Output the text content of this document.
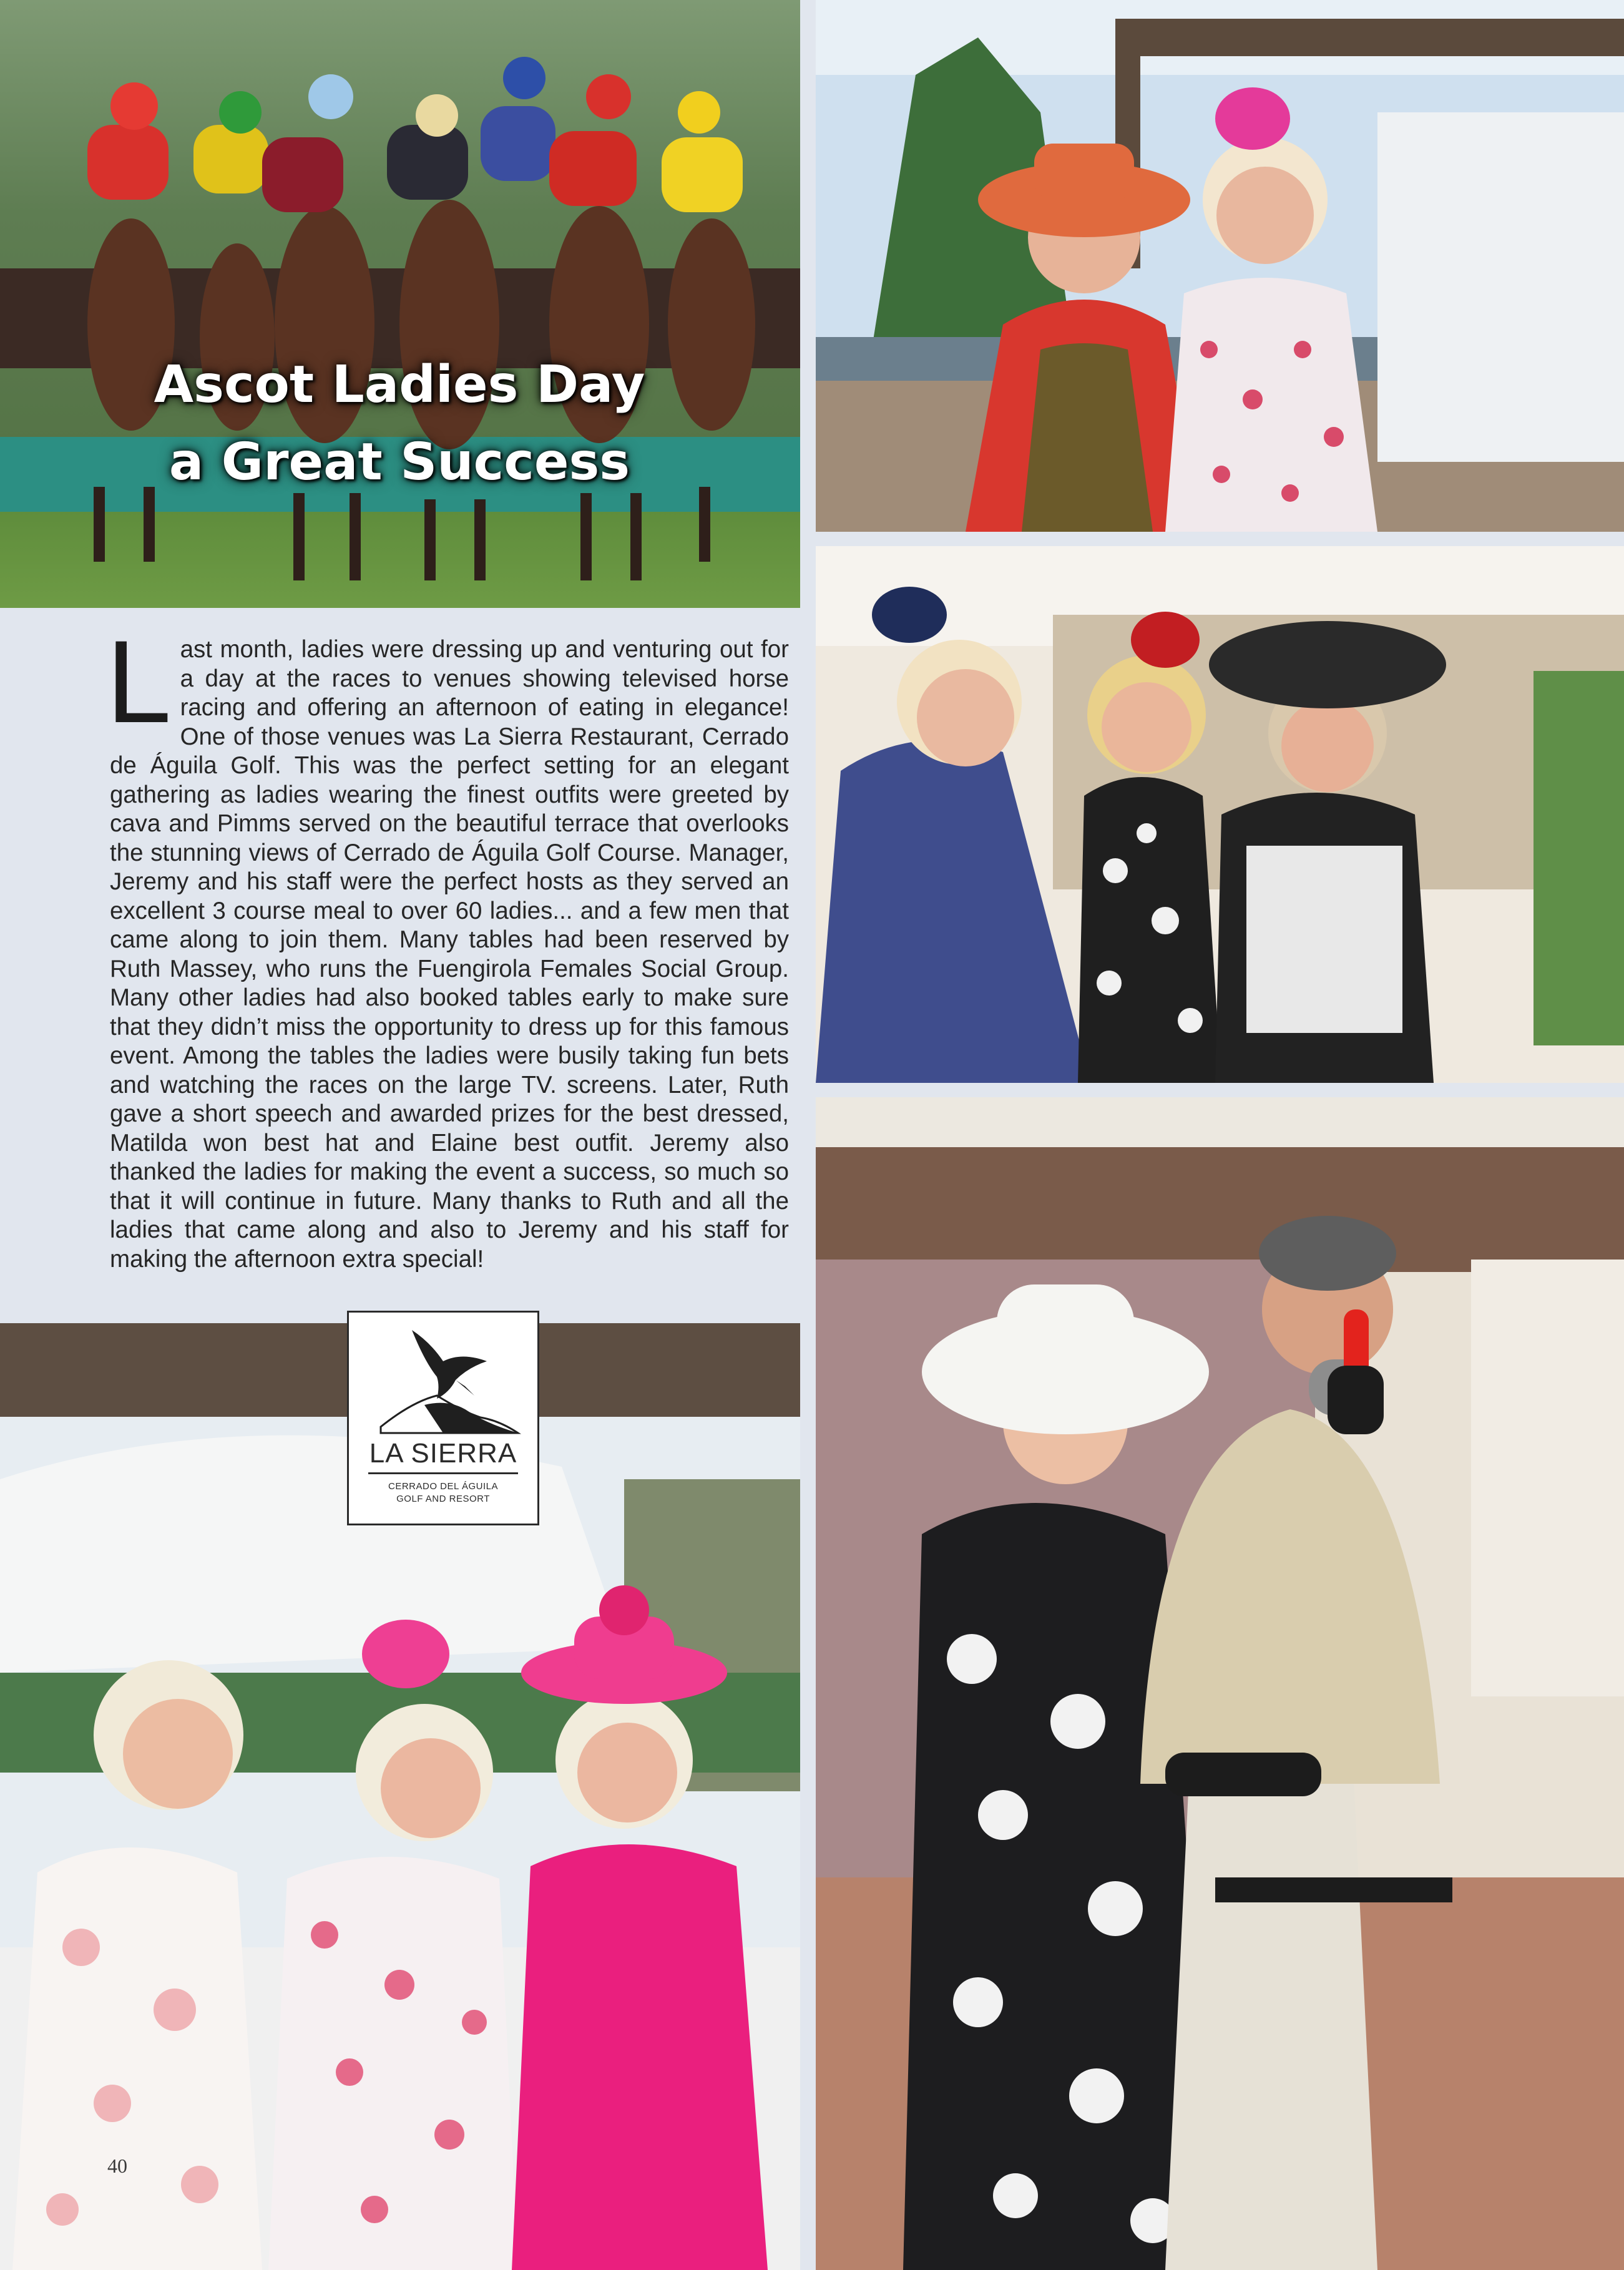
Ascot Ladies Day
a Great Success
Last month, ladies were dressing up and venturing out for a day at the races to venues showing televised horse racing and offering an afternoon of eating in elegance! One of those venues was La Sierra Restaurant, Cerrado de Águila Golf. This was the perfect setting for an elegant gathering as ladies wearing the finest outfits were greeted by cava and Pimms served on the beautiful terrace that overlooks the stunning views of Cerrado de Águila Golf Course. Manager, Jeremy and his staff were the perfect hosts as they served an excellent 3 course meal to over 60 ladies... and a few men that came along to join them. Many tables had been reserved by Ruth Massey, who runs the Fuengirola Females Social Group. Many other ladies had also booked tables early to make sure that they didn’t miss the opportunity to dress up for this famous event. Among the tables the ladies were busily taking fun bets and watching the races on the large TV. screens. Later, Ruth gave a short speech and awarded prizes for the best dressed, Matilda won best hat and Elaine best outfit. Jeremy also thanked the ladies for making the event a success, so much so that it will continue in future. Many thanks to Ruth and all the ladies that came along and also to Jeremy and his staff for making the afternoon extra special!
LA SIERRA
CERRADO DEL ÁGUILA
GOLF AND RESORT
40
